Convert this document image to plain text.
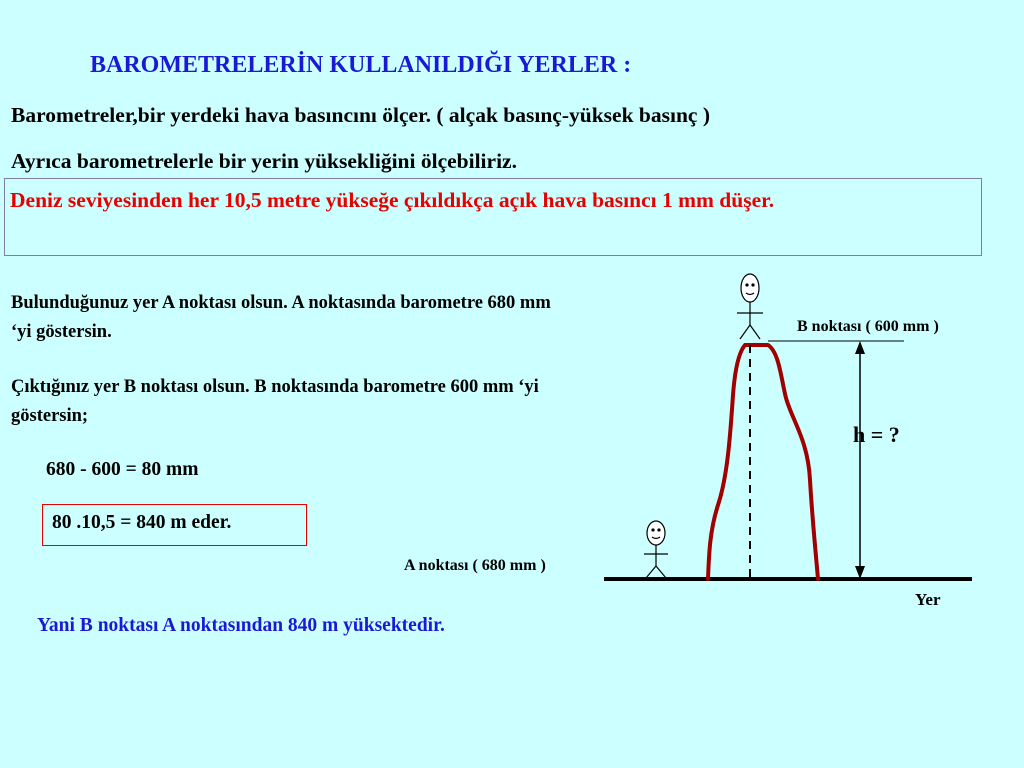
BAROMETRELERİN KULLANILDIĞI YERLER :
Barometreler,bir yerdeki hava basıncını ölçer. ( alçak basınç-yüksek basınç )
Ayrıca barometrelerle bir yerin yüksekliğini ölçebiliriz.
Deniz seviyesinden her 10,5 metre yükseğe çıkıldıkça açık hava basıncı 1 mm düşer.
Bulunduğunuz yer A noktası olsun. A noktasında barometre 680 mm ‘yi göstersin.
Çıktığınız yer B noktası olsun. B noktasında barometre 600 mm ‘yi göstersin;
680 - 600 = 80 mm
80 .10,5 = 840 m eder.
Yani B noktası A noktasından 840 m yüksektedir.
A noktası ( 680 mm )
B noktası ( 600 mm )
h = ?
Yer
